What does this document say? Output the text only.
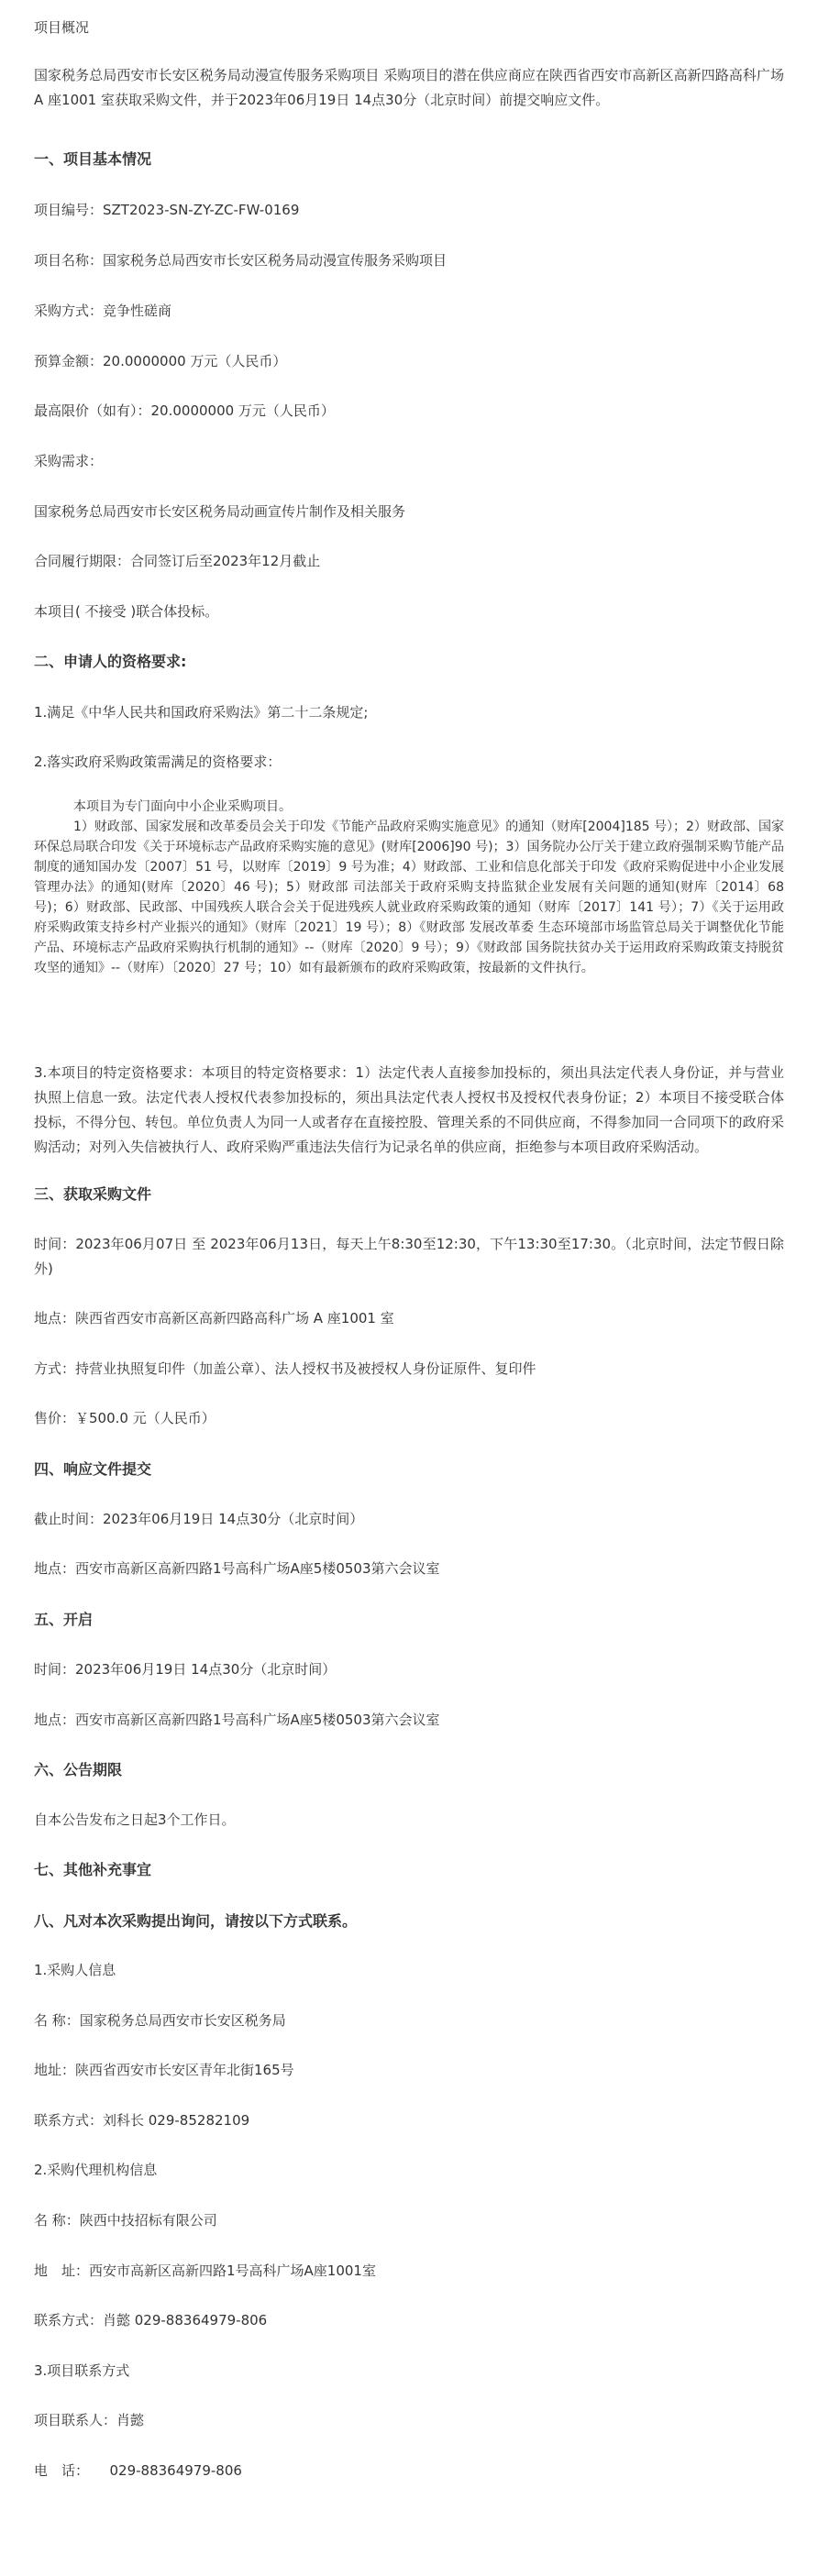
项目概况

国家税务总局西安市长安区税务局动漫宣传服务采购项目 采购项目的潜在供应商应在陕西省西安市高新区高新四路高科广场 A 座1001 室获取采购文件，并于2023年06月19日 14点30分（北京时间）前提交响应文件。

一、项目基本情况

项目编号：SZT2023-SN-ZY-ZC-FW-0169

项目名称：国家税务总局西安市长安区税务局动漫宣传服务采购项目

采购方式：竞争性磋商

预算金额：20.0000000 万元（人民币）

最高限价（如有）：20.0000000 万元（人民币）

采购需求：

国家税务总局西安市长安区税务局动画宣传片制作及相关服务

合同履行期限：合同签订后至2023年12月截止

本项目( 不接受 )联合体投标。

二、申请人的资格要求:

1.满足《中华人民共和国政府采购法》第二十二条规定;

2.落实政府采购政策需满足的资格要求：

本项目为专门面向中小企业采购项目。
1）财政部、国家发展和改革委员会关于印发《节能产品政府采购实施意见》的通知（财库[2004]185 号）；2）财政部、国家环保总局联合印发《关于环境标志产品政府采购实施的意见》(财库[2006]90 号)；3）国务院办公厅关于建立政府强制采购节能产品制度的通知国办发〔2007〕51 号，以财库〔2019〕9 号为准；4）财政部、工业和信息化部关于印发《政府采购促进中小企业发展管理办法》的通知(财库〔2020〕46 号)；5）财政部 司法部关于政府采购支持监狱企业发展有关问题的通知(财库〔2014〕68 号)；6）财政部、民政部、中国残疾人联合会关于促进残疾人就业政府采购政策的通知（财库〔2017〕141 号）；7）《关于运用政府采购政策支持乡村产业振兴的通知》（财库〔2021〕19 号）；8）《财政部 发展改革委 生态环境部市场监管总局关于调整优化节能产品、环境标志产品政府采购执行机制的通知》--（财库〔2020〕9 号）；9）《财政部 国务院扶贫办关于运用政府采购政策支持脱贫攻坚的通知》--（财库）〔2020〕27 号；10）如有最新颁布的政府采购政策，按最新的文件执行。

3.本项目的特定资格要求：本项目的特定资格要求：1）法定代表人直接参加投标的，须出具法定代表人身份证，并与营业执照上信息一致。法定代表人授权代表参加投标的，须出具法定代表人授权书及授权代表身份证；2）本项目不接受联合体投标，不得分包、转包。单位负责人为同一人或者存在直接控股、管理关系的不同供应商，不得参加同一合同项下的政府采购活动；对列入失信被执行人、政府采购严重违法失信行为记录名单的供应商，拒绝参与本项目政府采购活动。

三、获取采购文件

时间：2023年06月07日 至 2023年06月13日，每天上午8:30至12:30，下午13:30至17:30。（北京时间，法定节假日除外)

地点：陕西省西安市高新区高新四路高科广场 A 座1001 室

方式：持营业执照复印件（加盖公章）、法人授权书及被授权人身份证原件、复印件

售价：￥500.0 元（人民币）

四、响应文件提交

截止时间：2023年06月19日 14点30分（北京时间）

地点：西安市高新区高新四路1号高科广场A座5楼0503第六会议室

五、开启

时间：2023年06月19日 14点30分（北京时间）

地点：西安市高新区高新四路1号高科广场A座5楼0503第六会议室

六、公告期限

自本公告发布之日起3个工作日。

七、其他补充事宜

八、凡对本次采购提出询问，请按以下方式联系。

1.采购人信息

名 称：国家税务总局西安市长安区税务局

地址：陕西省西安市长安区青年北街165号

联系方式：刘科长 029-85282109

2.采购代理机构信息

名 称：陕西中技招标有限公司

地　址：西安市高新区高新四路1号高科广场A座1001室

联系方式：肖懿 029-88364979-806

3.项目联系方式

项目联系人：肖懿

电　话：　　029-88364979-806
